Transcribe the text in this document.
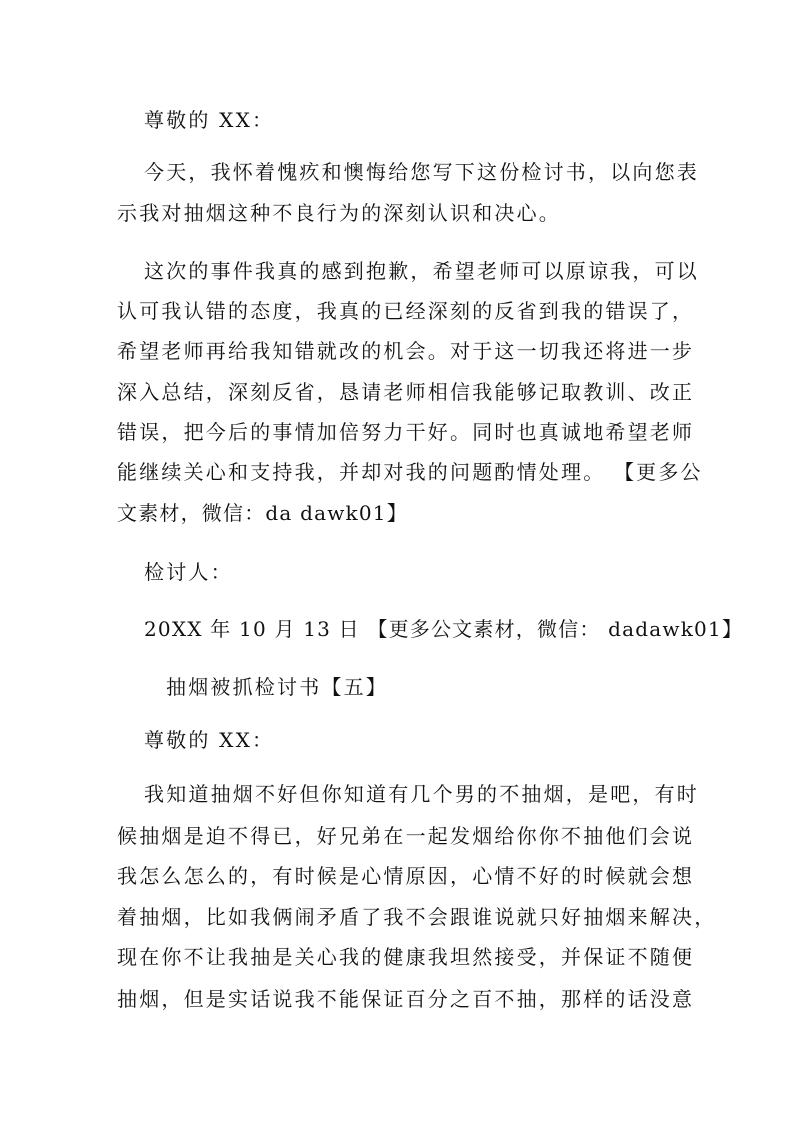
尊敬的 XX：

今天，我怀着愧疚和懊悔给您写下这份检讨书，以向您表

示我对抽烟这种不良行为的深刻认识和决心。

这次的事件我真的感到抱歉，希望老师可以原谅我，可以

认可我认错的态度，我真的已经深刻的反省到我的错误了，

希望老师再给我知错就改的机会。对于这一切我还将进一步

深入总结，深刻反省，恳请老师相信我能够记取教训、改正

错误，把今后的事情加倍努力干好。同时也真诚地希望老师

能继续关心和支持我，并却对我的问题酌情处理。 【更多公

文素材，微信：da dawk01】

检讨人：

20XX 年 10 月 13 日 【更多公文素材，微信： dadawk01】

抽烟被抓检讨书【五】

尊敬的 XX：

我知道抽烟不好但你知道有几个男的不抽烟，是吧，有时

候抽烟是迫不得已，好兄弟在一起发烟给你你不抽他们会说

我怎么怎么的，有时候是心情原因，心情不好的时候就会想

着抽烟，比如我俩闹矛盾了我不会跟谁说就只好抽烟来解决，

现在你不让我抽是关心我的健康我坦然接受，并保证不随便

抽烟，但是实话说我不能保证百分之百不抽，那样的话没意
